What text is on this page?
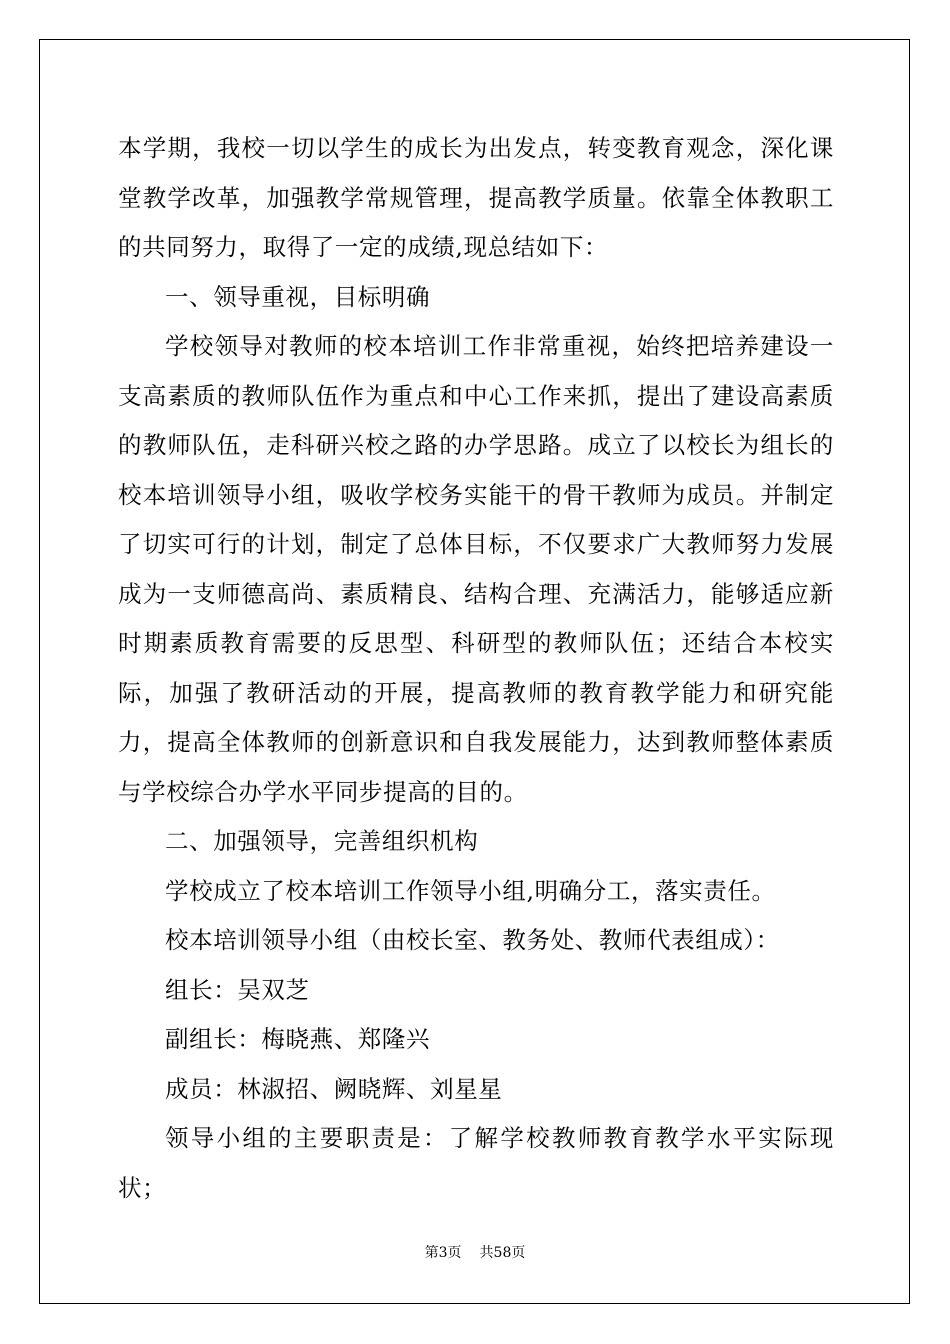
本学期，我校一切以学生的成长为出发点，转变教育观念，深化课堂教学改革，加强教学常规管理，提高教学质量。依靠全体教职工的共同努力，取得了一定的成绩,现总结如下：

一、领导重视，目标明确

学校领导对教师的校本培训工作非常重视，始终把培养建设一支高素质的教师队伍作为重点和中心工作来抓，提出了建设高素质的教师队伍，走科研兴校之路的办学思路。成立了以校长为组长的校本培训领导小组，吸收学校务实能干的骨干教师为成员。并制定了切实可行的计划，制定了总体目标，不仅要求广大教师努力发展成为一支师德高尚、素质精良、结构合理、充满活力，能够适应新时期素质教育需要的反思型、科研型的教师队伍；还结合本校实际，加强了教研活动的开展，提高教师的教育教学能力和研究能力，提高全体教师的创新意识和自我发展能力，达到教师整体素质与学校综合办学水平同步提高的目的。

二、加强领导，完善组织机构

学校成立了校本培训工作领导小组,明确分工，落实责任。

校本培训领导小组（由校长室、教务处、教师代表组成）：

组长：吴双芝

副组长：梅晓燕、郑隆兴

成员：林淑招、阙晓辉、刘星星

领导小组的主要职责是：了解学校教师教育教学水平实际现状；

第3页 共58页
